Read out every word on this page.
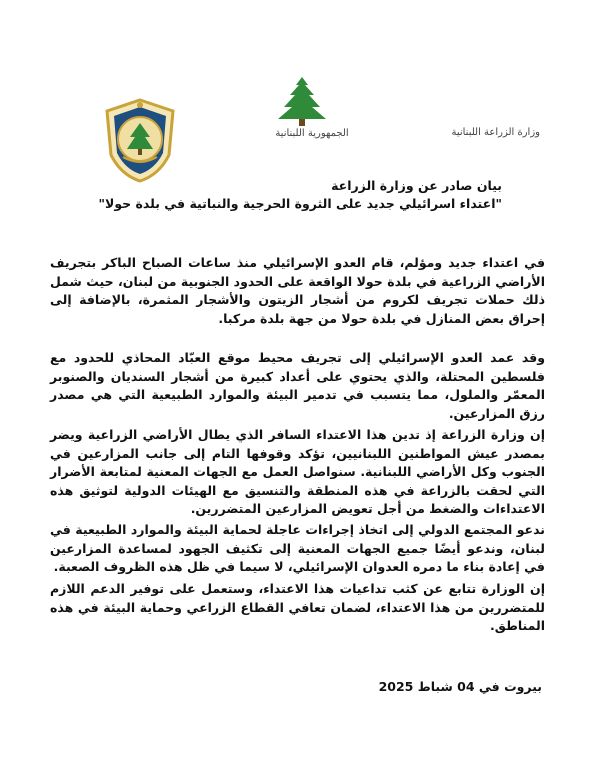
الجمهورية اللبنانية	وزارة الزراعة اللبنانية
بيان صادر عن وزارة الزراعة
"اعتداء اسرائيلي جديد على الثروة الحرجية والنباتية في بلدة حولا"
في اعتداء جديد ومؤلم، قام العدو الإسرائيلي منذ ساعات الصباح الباكر بتجريف الأراضي الزراعية في بلدة حولا الواقعة على الحدود الجنوبية من لبنان، حيث شمل ذلك حملات تجريف لكروم من أشجار الزيتون والأشجار المثمرة، بالإضافة إلى إحراق بعض المنازل في بلدة حولا من جهة بلدة مركبا.
وقد عمد العدو الإسرائيلي إلى تجريف محيط موقع العبّاد المحاذي للحدود مع فلسطين المحتلة، والذي يحتوي على أعداد كبيرة من أشجار السنديان والصنوبر المعمّر والملول، مما يتسبب في تدمير البيئة والموارد الطبيعية التي هي مصدر رزق المزارعين.
إن وزارة الزراعة إذ تدين هذا الاعتداء السافر الذي يطال الأراضي الزراعية ويضر بمصدر عيش المواطنين اللبنانيين، تؤكد وقوفها التام إلى جانب المزارعين في الجنوب وكل الأراضي اللبنانية. سنواصل العمل مع الجهات المعنية لمتابعة الأضرار التي لحقت بالزراعة في هذه المنطقة والتنسيق مع الهيئات الدولية لتوثيق هذه الاعتداءات والضغط من أجل تعويض المزارعين المتضررين.
ندعو المجتمع الدولي إلى اتخاذ إجراءات عاجلة لحماية البيئة والموارد الطبيعية في لبنان، وندعو أيضًا جميع الجهات المعنية إلى تكثيف الجهود لمساعدة المزارعين في إعادة بناء ما دمره العدوان الإسرائيلي، لا سيما في ظل هذه الظروف الصعبة.
إن الوزارة تتابع عن كثب تداعيات هذا الاعتداء، وستعمل على توفير الدعم اللازم للمتضررين من هذا الاعتداء، لضمان تعافي القطاع الزراعي وحماية البيئة في هذه المناطق.
بيروت في 04 شباط 2025
